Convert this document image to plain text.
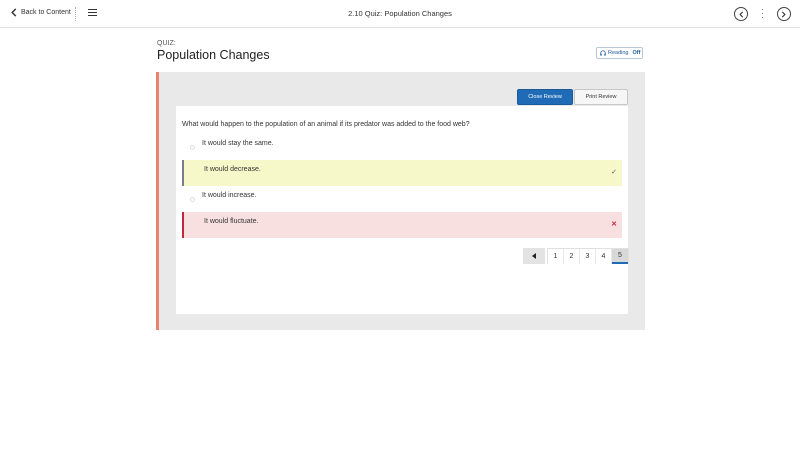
Back to Content	2.10 Quiz: Population Changes
QUIZ:
Population Changes	Reading Off
Close Review	Print Review
What would happen to the population of an animal if its predator was added to the food web?
It would stay the same.
It would decrease.	✓
It would increase.
It would fluctuate.	✕
1	2	3	4	5
